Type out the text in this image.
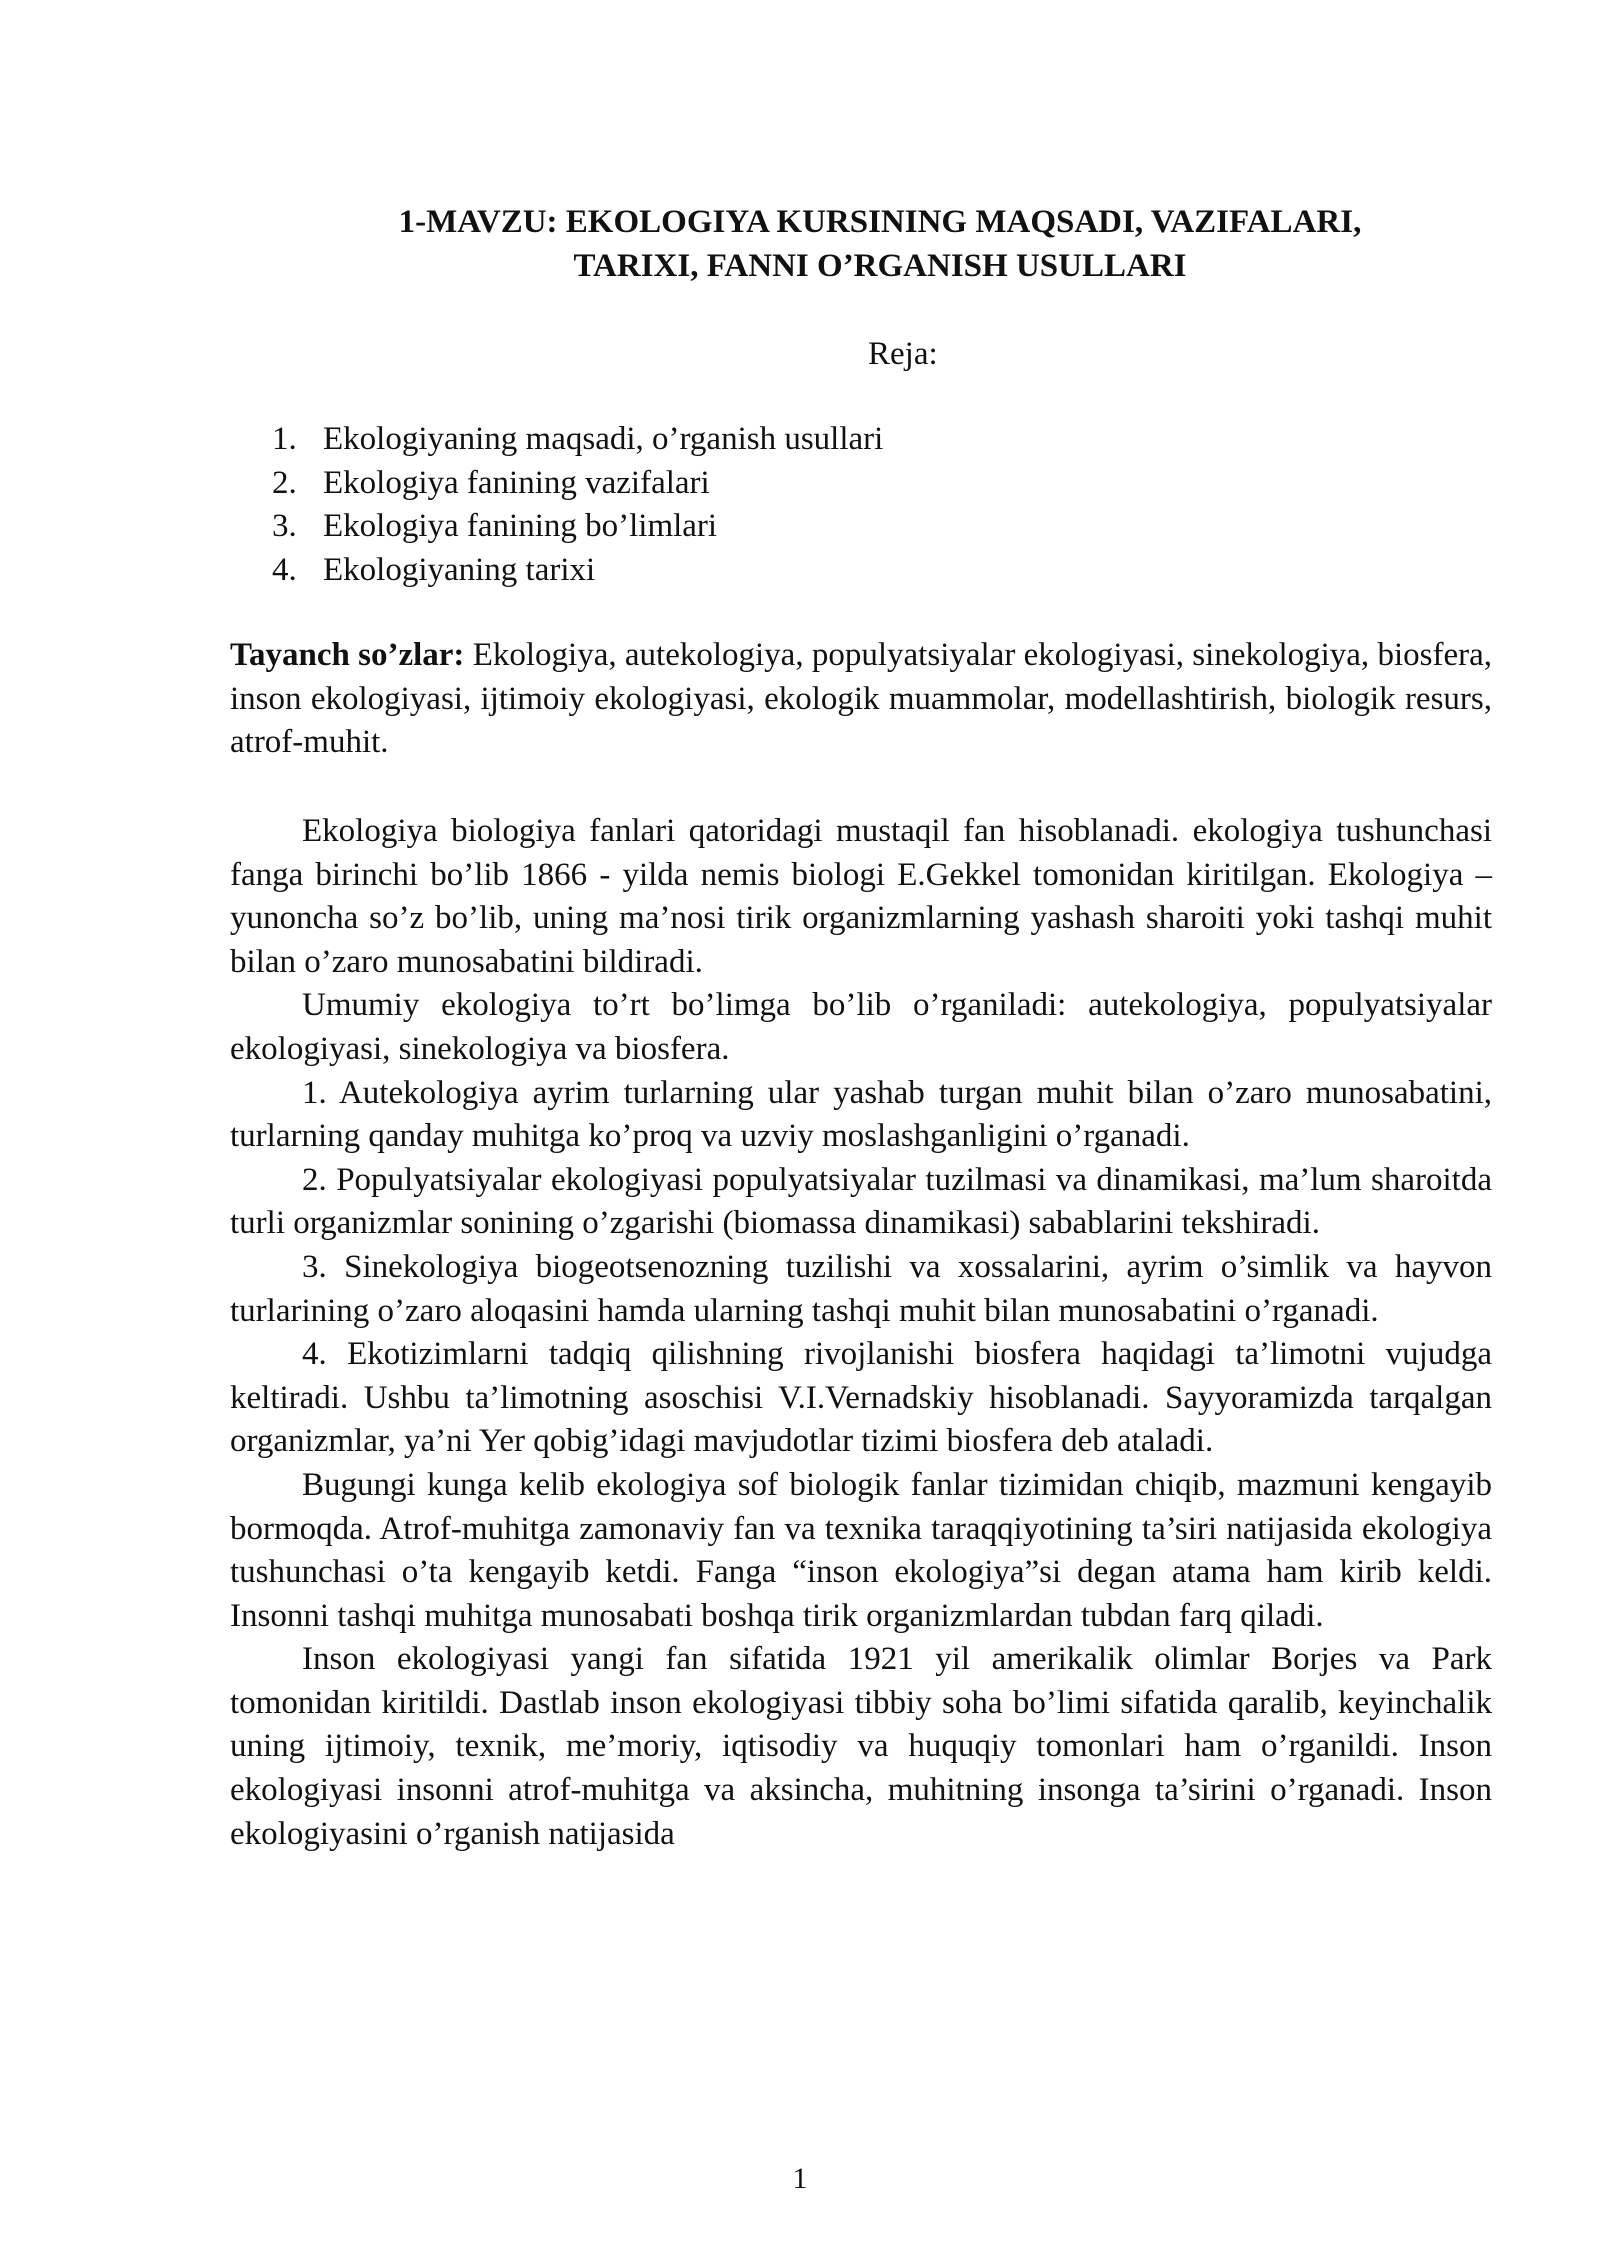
1-MAVZU: EKOLOGIYA KURSINING MAQSADI, VAZIFALARI,
TARIXI, FANNI O’RGANISH USULLARI
Reja:
1. Ekologiyaning maqsadi, o’rganish usullari
2. Ekologiya fanining vazifalari
3. Ekologiya fanining bo’limlari
4. Ekologiyaning tarixi

Tayanch so’zlar: Ekologiya, autekologiya, populyatsiyalar ekologiyasi, sinekologiya, biosfera, inson ekologiyasi, ijtimoiy ekologiyasi, ekologik muammolar, modellashtirish, biologik resurs, atrof-muhit.

Ekologiya biologiya fanlari qatoridagi mustaqil fan hisoblanadi. ekologiya tushunchasi fanga birinchi bo’lib 1866 - yilda nemis biologi E.Gekkel tomonidan kiritilgan. Ekologiya – yunoncha so’z bo’lib, uning ma’nosi tirik organizmlarning yashash sharoiti yoki tashqi muhit bilan o’zaro munosabatini bildiradi.

Umumiy ekologiya to’rt bo’limga bo’lib o’rganiladi: autekologiya, populyatsiyalar ekologiyasi, sinekologiya va biosfera.

1. Autekologiya ayrim turlarning ular yashab turgan muhit bilan o’zaro munosabatini, turlarning qanday muhitga ko’proq va uzviy moslashganligini o’rganadi.

2. Populyatsiyalar ekologiyasi populyatsiyalar tuzilmasi va dinamikasi, ma’lum sharoitda turli organizmlar sonining o’zgarishi (biomassa dinamikasi) sabablarini tekshiradi.

3. Sinekologiya biogeotsenozning tuzilishi va xossalarini, ayrim o’simlik va hayvon turlarining o’zaro aloqasini hamda ularning tashqi muhit bilan munosabatini o’rganadi.

4. Ekotizimlarni tadqiq qilishning rivojlanishi biosfera haqidagi ta’limotni vujudga keltiradi. Ushbu ta’limotning asoschisi V.I.Vernadskiy hisoblanadi. Sayyoramizda tarqalgan organizmlar, ya’ni Yer qobig’idagi mavjudotlar tizimi biosfera deb ataladi.

Bugungi kunga kelib ekologiya sof biologik fanlar tizimidan chiqib, mazmuni kengayib bormoqda. Atrof-muhitga zamonaviy fan va texnika taraqqiyotining ta’siri natijasida ekologiya tushunchasi o’ta kengayib ketdi. Fanga “inson ekologiya”si degan atama ham kirib keldi. Insonni tashqi muhitga munosabati boshqa tirik organizmlardan tubdan farq qiladi.

Inson ekologiyasi yangi fan sifatida 1921 yil amerikalik olimlar Borjes va Park tomonidan kiritildi. Dastlab inson ekologiyasi tibbiy soha bo’limi sifatida qaralib, keyinchalik uning ijtimoiy, texnik, me’moriy, iqtisodiy va huquqiy tomonlari ham o’rganildi. Inson ekologiyasi insonni atrof-muhitga va aksincha, muhitning insonga ta’sirini o’rganadi. Inson ekologiyasini o’rganish natijasida

1
